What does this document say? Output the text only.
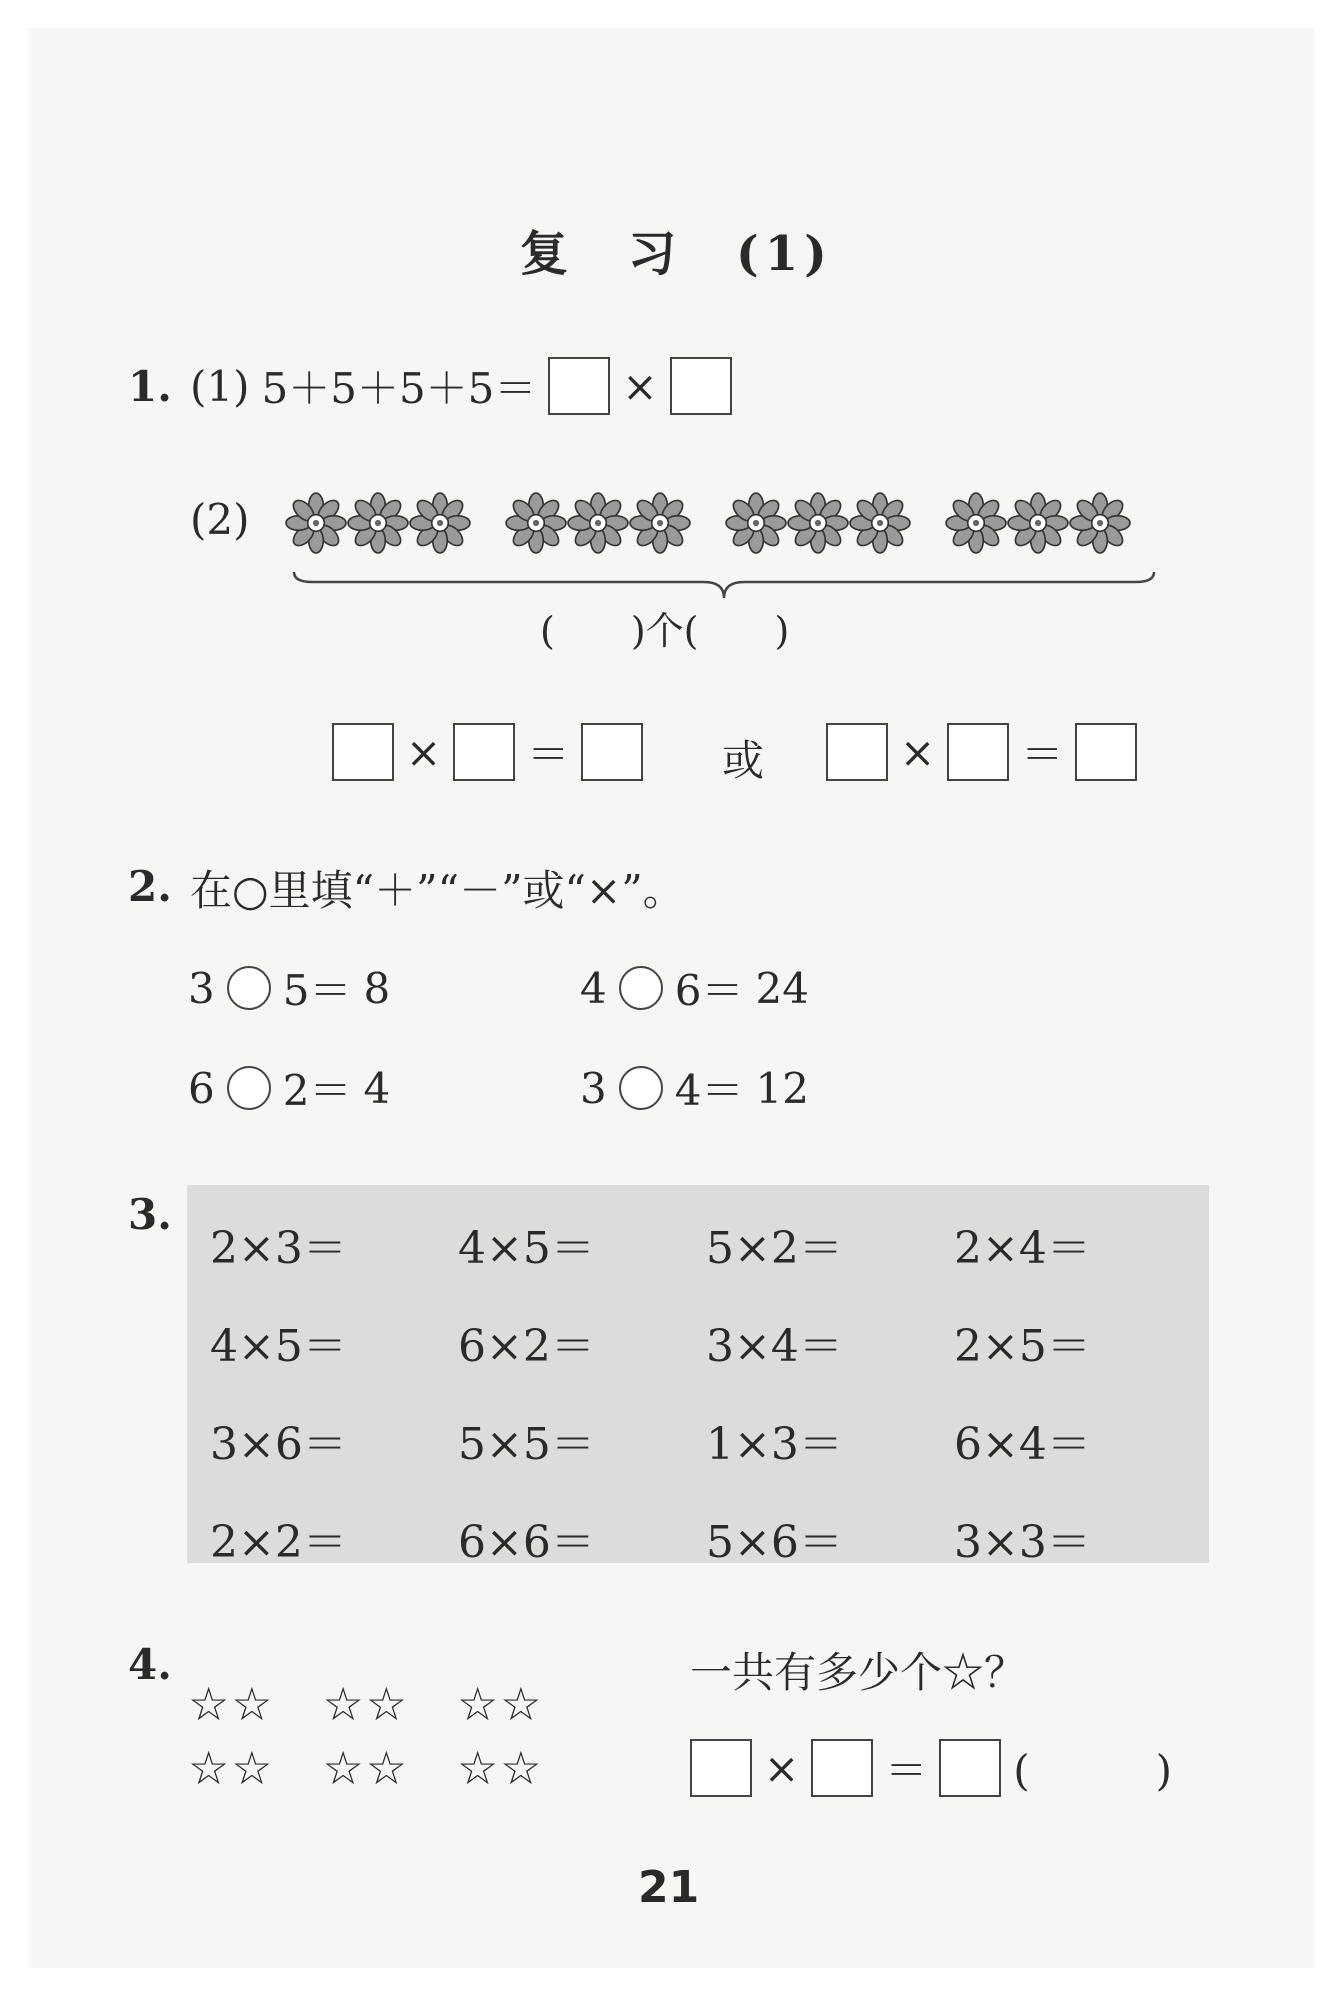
复　习　(1)
1. (1) 5＋5＋5＋5＝ ×
(2)
(　　)个(　　)
× ＝	或	× ＝
2. 在○里填“＋”“－”或“×”。
3 5＝ 8	4 6＝ 24
6 2＝ 4	3 4＝ 12
3.
2×3＝	4×5＝	5×2＝	2×4＝
4×5＝	6×2＝	3×4＝	2×5＝
3×6＝	5×5＝	1×3＝	6×4＝
2×2＝	6×6＝	5×6＝	3×3＝
4.
☆☆　☆☆　☆☆
☆☆　☆☆　☆☆
一共有多少个☆？
× ＝ (　　　)
21
